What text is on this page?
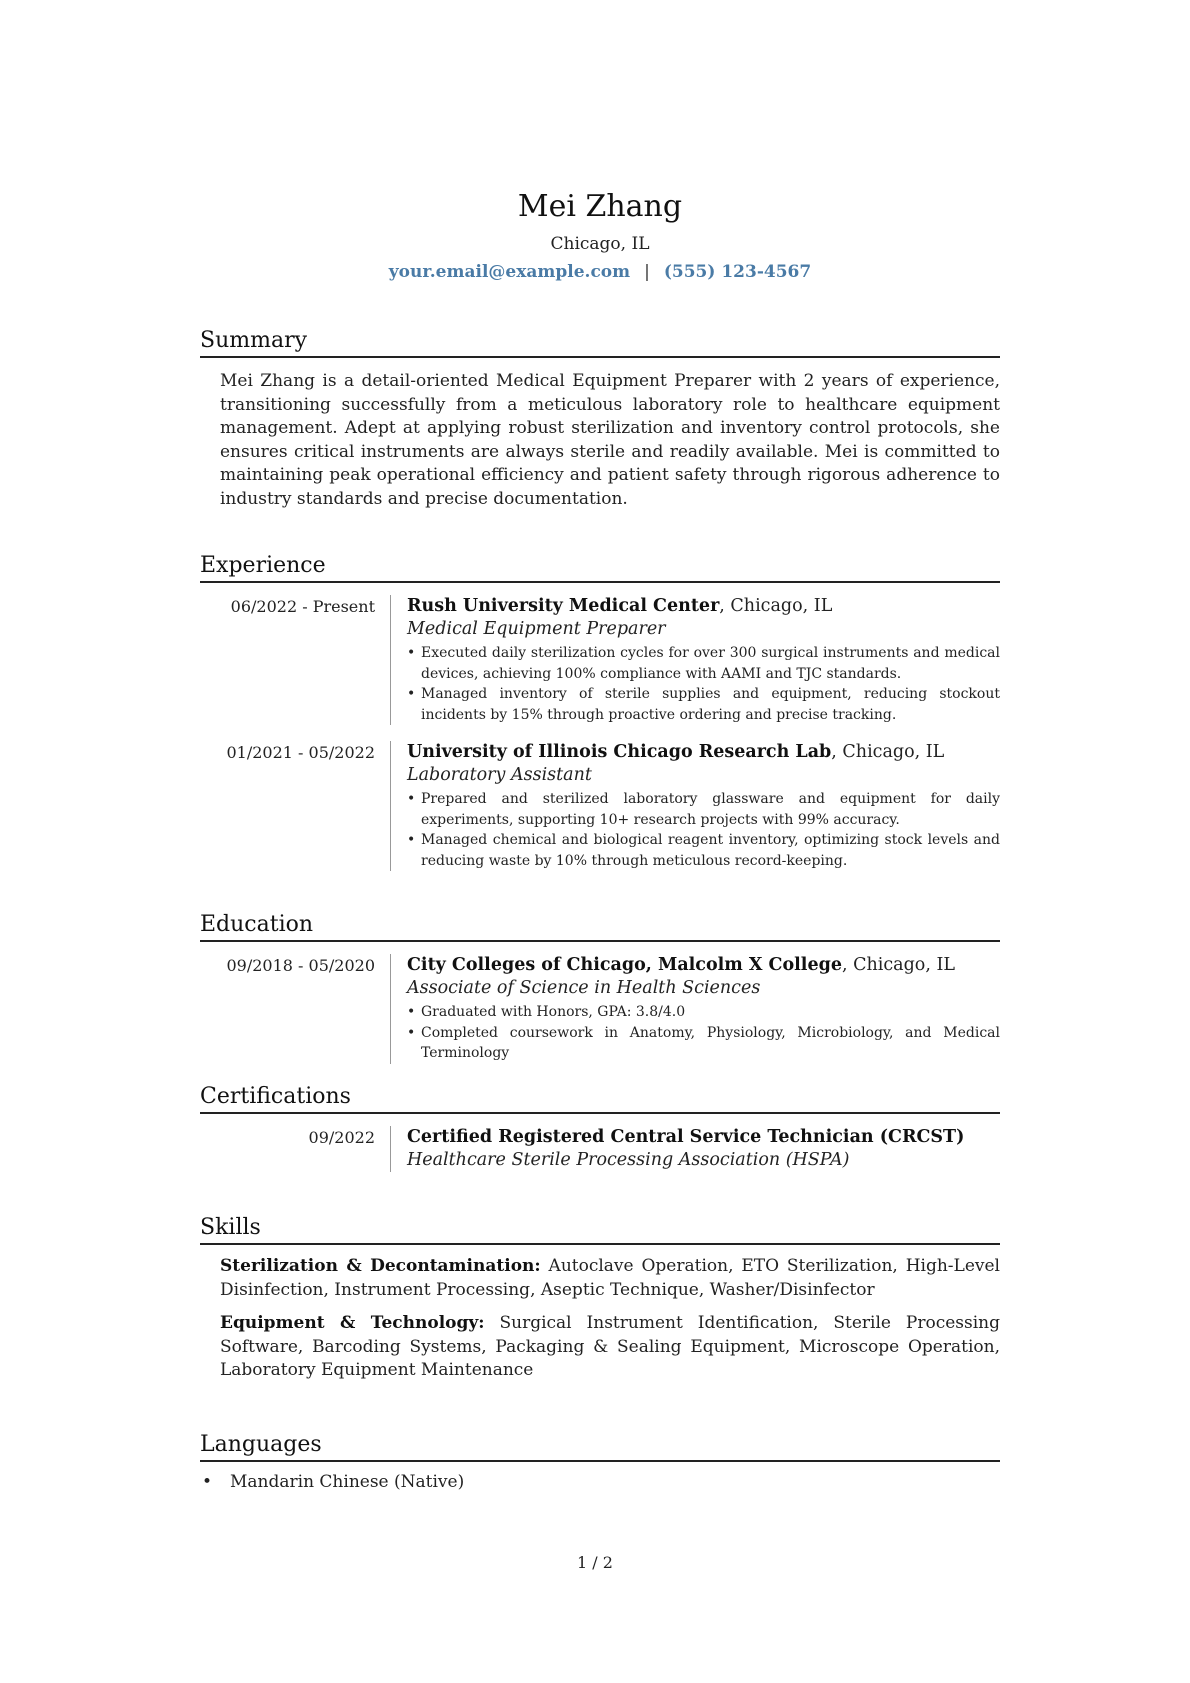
Mei Zhang
Chicago, IL
your.email@example.com | (555) 123-4567
Summary

Mei Zhang is a detail-oriented Medical Equipment Preparer with 2 years of experience, transitioning successfully from a meticulous laboratory role to healthcare equipment management. Adept at applying robust sterilization and inventory control protocols, she ensures critical instruments are always sterile and readily available. Mei is committed to maintaining peak operational efficiency and patient safety through rigorous adherence to industry standards and precise documentation.

Experience
06/2022 - Present Rush University Medical Center, Chicago, IL
Medical Equipment Preparer
• Executed daily sterilization cycles for over 300 surgical instruments and medical devices, achieving 100% compliance with AAMI and TJC standards.
• Managed inventory of sterile supplies and equipment, reducing stockout incidents by 15% through proactive ordering and precise tracking.
01/2021 - 05/2022 University of Illinois Chicago Research Lab, Chicago, IL
Laboratory Assistant
• Prepared and sterilized laboratory glassware and equipment for daily experiments, supporting 10+ research projects with 99% accuracy.
• Managed chemical and biological reagent inventory, optimizing stock levels and reducing waste by 10% through meticulous record-keeping.
Education
09/2018 - 05/2020 City Colleges of Chicago, Malcolm X College, Chicago, IL
Associate of Science in Health Sciences
• Graduated with Honors, GPA: 3.8/4.0
• Completed coursework in Anatomy, Physiology, Microbiology, and Medical Terminology
Certifications
09/2022 Certified Registered Central Service Technician (CRCST)
Healthcare Sterile Processing Association (HSPA)
Skills

Sterilization & Decontamination: Autoclave Operation, ETO Sterilization, High-Level Disinfection, Instrument Processing, Aseptic Technique, Washer/Disinfector

Equipment & Technology: Surgical Instrument Identification, Sterile Processing Software, Barcoding Systems, Packaging & Sealing Equipment, Microscope Operation, Laboratory Equipment Maintenance

Languages
• Mandarin Chinese (Native)
1 / 2
